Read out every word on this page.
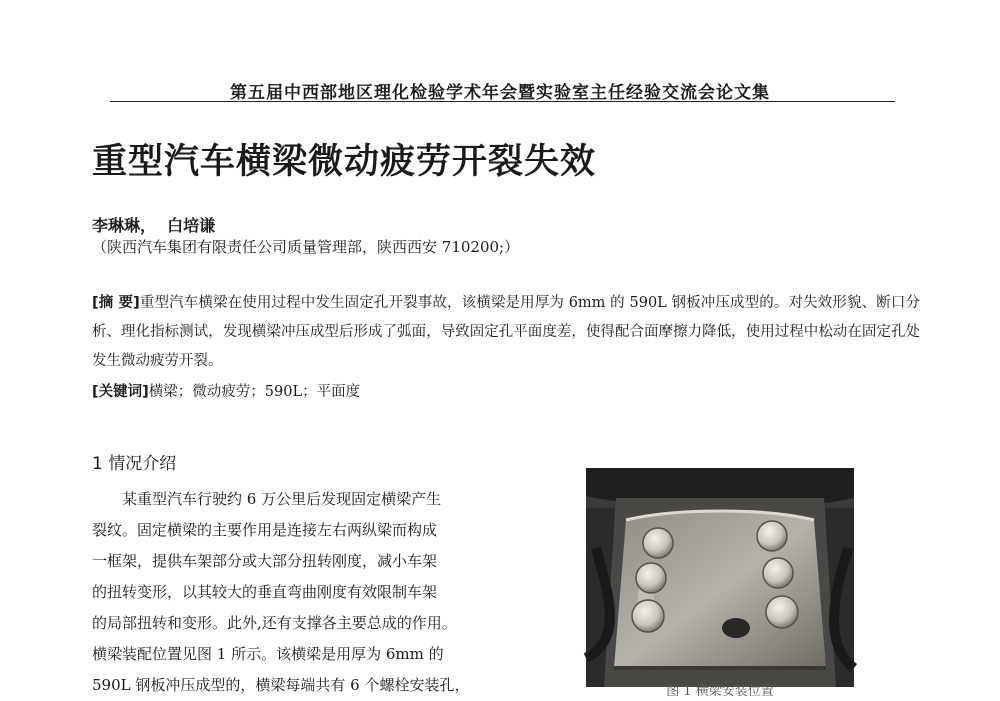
第五届中西部地区理化检验学术年会暨实验室主任经验交流会论文集
重型汽车横梁微动疲劳开裂失效
李琳琳，  白培谦
（陕西汽车集团有限责任公司质量管理部，陕西西安 710200;）
[摘 要]重型汽车横梁在使用过程中发生固定孔开裂事故，该横梁是用厚为 6mm 的 590L 钢板冲压成型的。对失效形貌、断口分析、理化指标测试，发现横梁冲压成型后形成了弧面，导致固定孔平面度差，使得配合面摩擦力降低，使用过程中松动在固定孔处发生微动疲劳开裂。
[关键词]横梁；微动疲劳；590L；平面度
1 情况介绍
某重型汽车行驶约 6 万公里后发现固定横梁产生
裂纹。固定横梁的主要作用是连接左右两纵梁而构成
一框架，提供车架部分或大部分扭转刚度，减小车架
的扭转变形，以其较大的垂直弯曲刚度有效限制车架
的局部扭转和变形。此外,还有支撑各主要总成的作用。
横梁装配位置见图 1 所示。该横梁是用厚为 6mm 的
590L 钢板冲压成型的，横梁每端共有 6 个螺栓安装孔，	图 1 横梁安装位置
